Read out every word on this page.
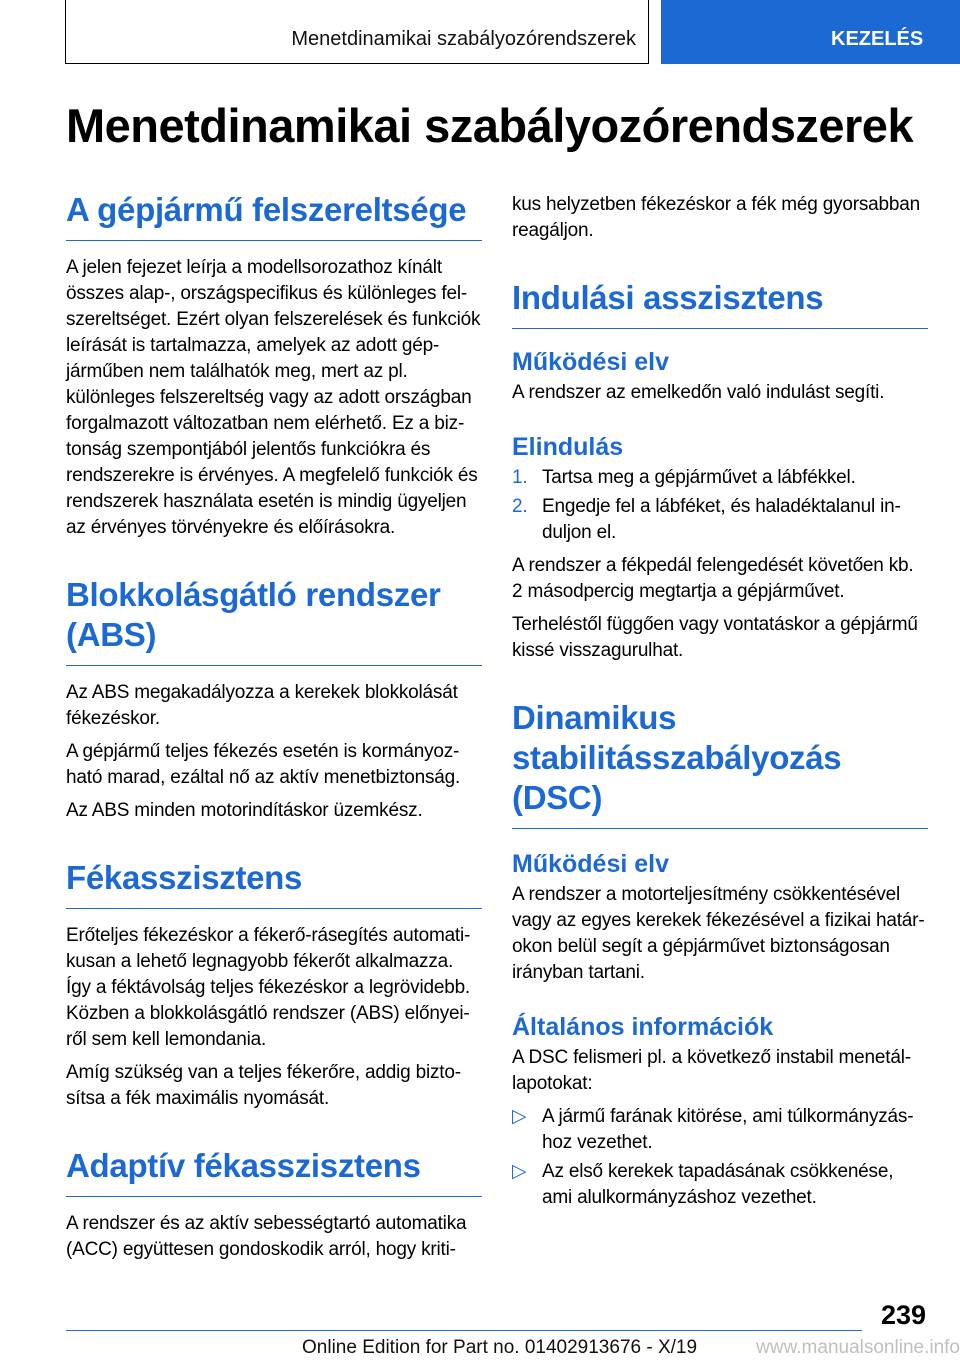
Menetdinamikai szabályozórendszerek	KEZELÉS
Menetdinamikai szabályozórendszerek
A gépjármű felszereltsége

A jelen fejezet leírja a modellsorozathoz kínált összes alap-, országspecifikus és különleges felszereltséget. Ezért olyan felszerelések és funkciók leírását is tartalmazza, amelyek az adott gépjárműben nem találhatók meg, mert az pl. különleges felszereltség vagy az adott országban forgalmazott változatban nem elérhető. Ez a biztonság szempontjából jelentős funkciókra és rendszerekre is érvényes. A megfelelő funkciók és rendszerek használata esetén is mindig ügyeljen az érvényes törvényekre és előírásokra.

Blokkolásgátló rendszer (ABS)

Az ABS megakadályozza a kerekek blokkolását fékezéskor.

A gépjármű teljes fékezés esetén is kormányozható marad, ezáltal nő az aktív menetbiztonság.

Az ABS minden motorindításkor üzemkész.

Fékasszisztens

Erőteljes fékezéskor a fékerő-rásegítés automatikusan a lehető legnagyobb fékerőt alkalmazza. Így a féktávolság teljes fékezéskor a legrövidebb. Közben a blokkolásgátló rendszer (ABS) előnyeiről sem kell lemondania.

Amíg szükség van a teljes fékerőre, addig biztosítsa a fék maximális nyomását.

Adaptív fékasszisztens

A rendszer és az aktív sebességtartó automatika (ACC) együttesen gondoskodik arról, hogy kriti-

kus helyzetben fékezéskor a fék még gyorsabban reagáljon.

Indulási asszisztens
Működési elv

A rendszer az emelkedőn való indulást segíti.

Elindulás
1. Tartsa meg a gépjárművet a lábfékkel.
2. Engedje fel a lábféket, és haladéktalanul induljon el.

A rendszer a fékpedál felengedését követően kb. 2 másodpercig megtartja a gépjárművet.

Terheléstől függően vagy vontatáskor a gépjármű kissé visszagurulhat.

Dinamikus stabilitásszabályozás (DSC)
Működési elv

A rendszer a motorteljesítmény csökkentésével vagy az egyes kerekek fékezésével a fizikai határokon belül segít a gépjárművet biztonságosan irányban tartani.

Általános információk

A DSC felismeri pl. a következő instabil menetállapotokat:

▷ A jármű farának kitörése, ami túlkormányzáshoz vezethet.
▷ Az első kerekek tapadásának csökkenése, ami alulkormányzáshoz vezethet.
239
Online Edition for Part no. 01402913676 - X/19	www.manualsonline.info
